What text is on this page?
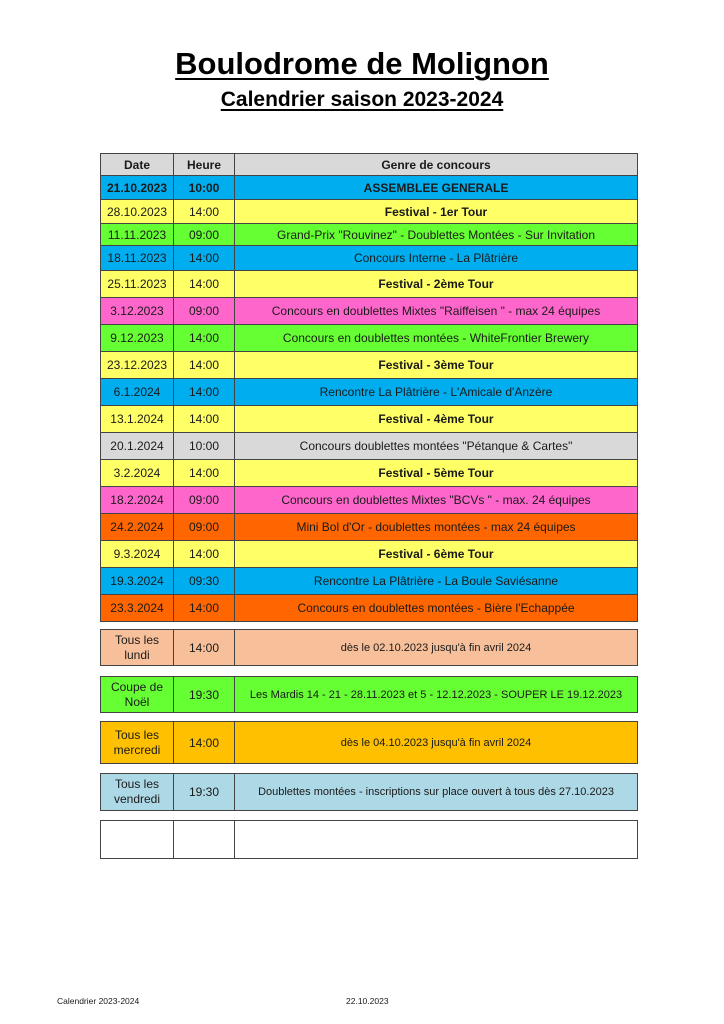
Boulodrome de Molignon
Calendrier saison 2023-2024
Date	Heure	Genre de concours
21.10.2023	10:00	ASSEMBLEE GENERALE
28.10.2023	14:00	Festival - 1er Tour
11.11.2023	09:00	Grand-Prix "Rouvinez" - Doublettes Montées - Sur Invitation
18.11.2023	14:00	Concours Interne - La Plâtrière
25.11.2023	14:00	Festival - 2ème Tour
3.12.2023	09:00	Concours en doublettes Mixtes "Raiffeisen " - max 24 équipes
9.12.2023	14:00	Concours en doublettes montées - WhiteFrontier Brewery
23.12.2023	14:00	Festival - 3ème Tour
6.1.2024	14:00	Rencontre La Plâtrière - L'Amicale d'Anzère
13.1.2024	14:00	Festival - 4ème Tour
20.1.2024	10:00	Concours doublettes montées "Pétanque & Cartes"
3.2.2024	14:00	Festival - 5ème Tour
18.2.2024	09:00	Concours en doublettes Mixtes "BCVs " - max. 24 équipes
24.2.2024	09:00	Mini Bol d'Or - doublettes montées - max 24 équipes
9.3.2024	14:00	Festival - 6ème Tour
19.3.2024	09:30	Rencontre La Plâtrière - La Boule Saviésanne
23.3.2024	14:00	Concours en doublettes montées - Bière l'Echappée
Tous les lundi	14:00	dès le 02.10.2023 jusqu'à fin avril 2024
Coupe de Noël	19:30	Les Mardis 14 - 21 - 28.11.2023 et 5 - 12.12.2023 - SOUPER LE 19.12.2023
Tous les mercredi	14:00	dès le 04.10.2023 jusqu'à fin avril 2024
Tous les vendredi	19:30	Doublettes montées - inscriptions sur place ouvert à tous dès 27.10.2023

Calendrier 2023-2024	22.10.2023
